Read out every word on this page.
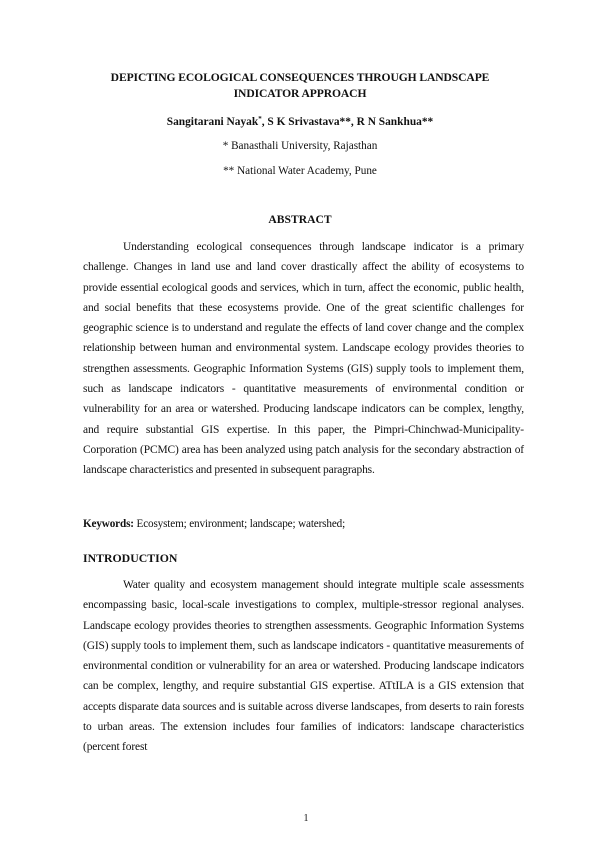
DEPICTING ECOLOGICAL CONSEQUENCES THROUGH LANDSCAPE
INDICATOR APPROACH
Sangitarani Nayak*, S K Srivastava**, R N Sankhua**
* Banasthali University, Rajasthan
** National Water Academy, Pune
ABSTRACT
Understanding ecological consequences through landscape indicator is a primary challenge. Changes in land use and land cover drastically affect the ability of ecosystems to provide essential ecological goods and services, which in turn, affect the economic, public health, and social benefits that these ecosystems provide. One of the great scientific challenges for geographic science is to understand and regulate the effects of land cover change and the complex relationship between human and environmental system. Landscape ecology provides theories to strengthen assessments. Geographic Information Systems (GIS) supply tools to implement them, such as landscape indicators - quantitative measurements of environmental condition or vulnerability for an area or watershed. Producing landscape indicators can be complex, lengthy, and require substantial GIS expertise. In this paper, the Pimpri-Chinchwad-Municipality-Corporation (PCMC) area has been analyzed using patch analysis for the secondary abstraction of landscape characteristics and presented in subsequent paragraphs.
Keywords: Ecosystem; environment; landscape; watershed;
INTRODUCTION
Water quality and ecosystem management should integrate multiple scale assessments encompassing basic, local-scale investigations to complex, multiple-stressor regional analyses. Landscape ecology provides theories to strengthen assessments. Geographic Information Systems (GIS) supply tools to implement them, such as landscape indicators - quantitative measurements of environmental condition or vulnerability for an area or watershed. Producing landscape indicators can be complex, lengthy, and require substantial GIS expertise. ATtILA is a GIS extension that accepts disparate data sources and is suitable across diverse landscapes, from deserts to rain forests to urban areas. The extension includes four families of indicators: landscape characteristics (percent forest
1
